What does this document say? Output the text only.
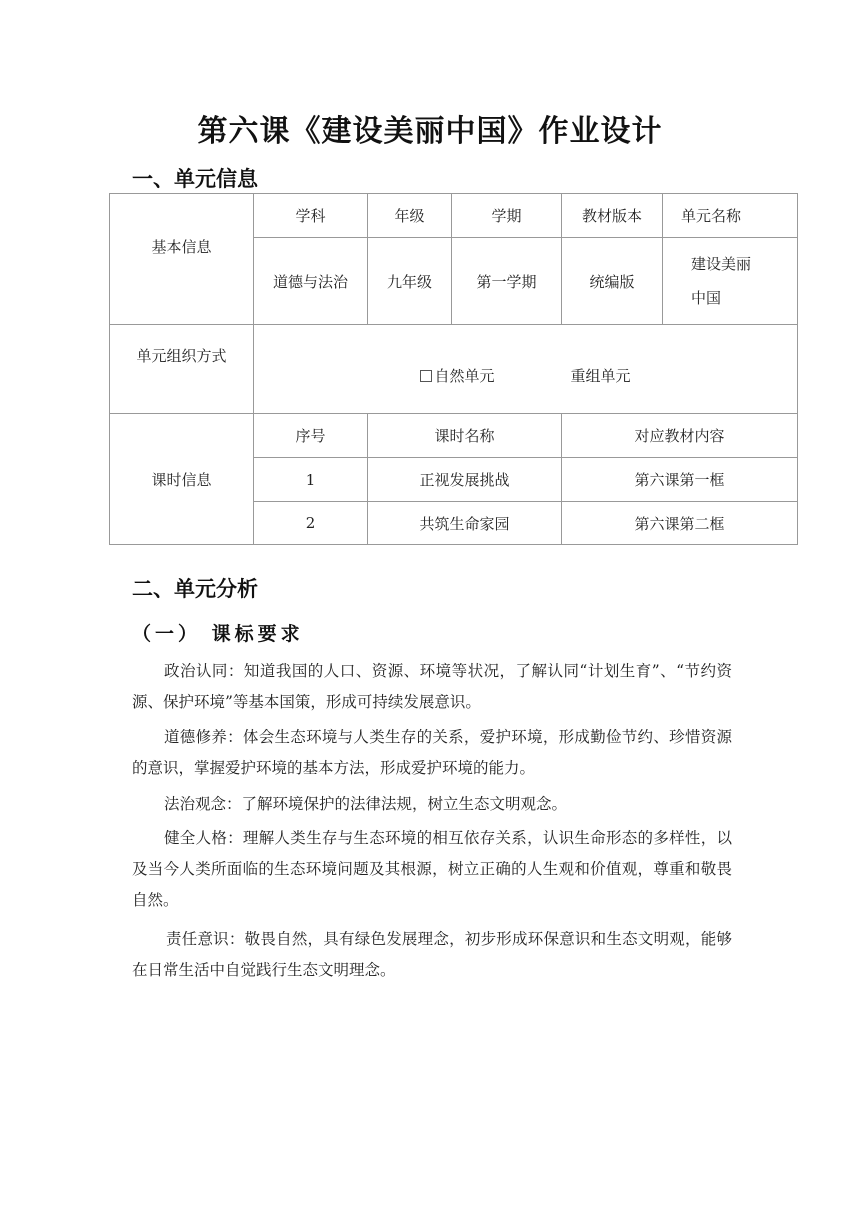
第六课《建设美丽中国》作业设计
一、单元信息
基本信息	学科	年级	学期	教材版本	单元名称
	道德与法治	九年级	第一学期	统编版	建设美丽
中国

单元组织方式	自然单元 重组单元				
课时信息	序号	课时名称		对应教材内容	
	1	正视发展挑战		第六课第一框	
	2	共筑生命家园		第六课第二框	
二、单元分析
（一） 课标要求

政治认同：知道我国的人口、资源、环境等状况，了解认同“计划生育”、“节约资源、保护环境”等基本国策，形成可持续发展意识。

道德修养：体会生态环境与人类生存的关系，爱护环境，形成勤俭节约、珍惜资源的意识，掌握爱护环境的基本方法，形成爱护环境的能力。

法治观念：了解环境保护的法律法规，树立生态文明观念。

健全人格：理解人类生存与生态环境的相互依存关系，认识生命形态的多样性，以及当今人类所面临的生态环境问题及其根源，树立正确的人生观和价值观，尊重和敬畏自然。

责任意识：敬畏自然，具有绿色发展理念，初步形成环保意识和生态文明观，能够在日常生活中自觉践行生态文明理念。
